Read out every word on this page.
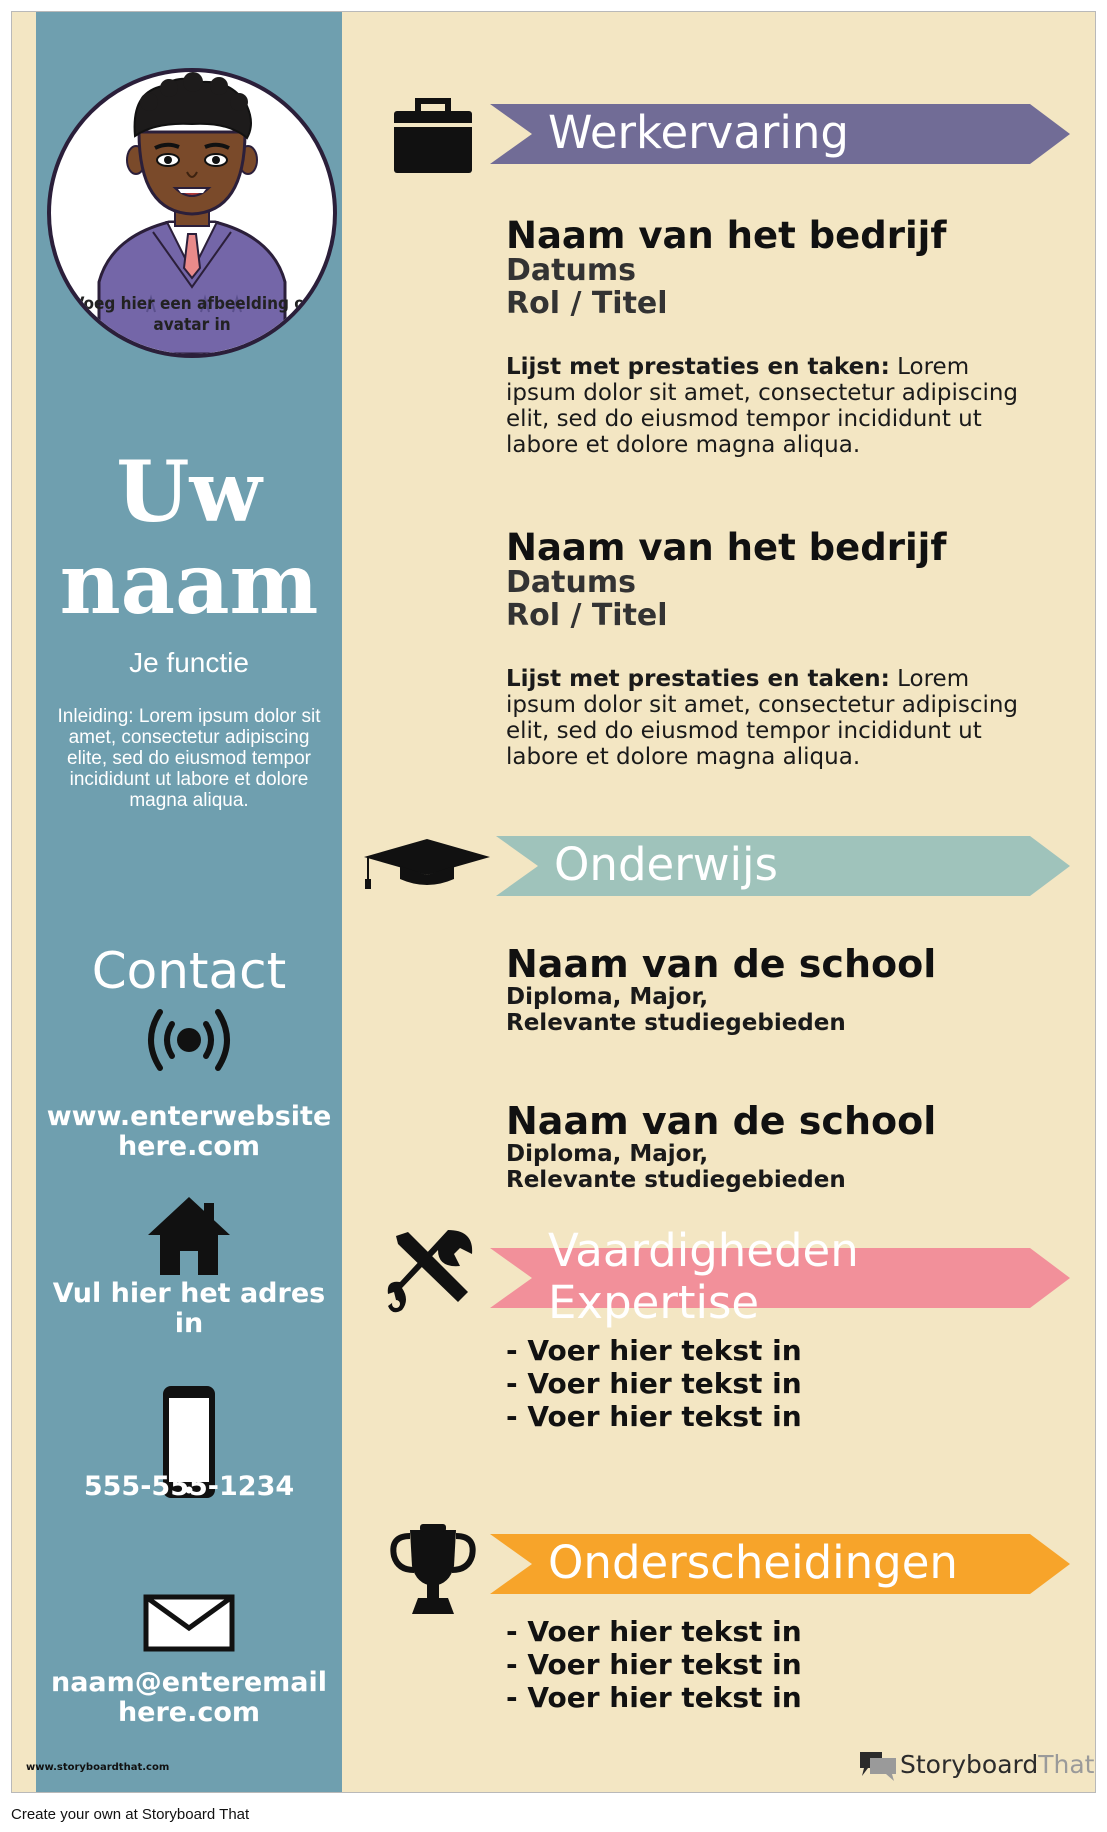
Voeg hier een afbeelding of avatar in
Uw
naam
Je functie
Inleiding: Lorem ipsum dolor sit amet, consectetur adipiscing elite, sed do eiusmod tempor incididunt ut labore et dolore magna aliqua.
Contact
www.enterwebsite here.com
Vul hier het adres in
555-555-1234
naam@enteremail here.com
Werkervaring
Onderwijs
Vaardigheden
Expertise
Onderscheidingen
Naam van het bedrijf
Datums
Rol / Titel
Lijst met prestaties en taken: Lorem ipsum dolor sit amet, consectetur adipiscing elit, sed do eiusmod tempor incididunt ut labore et dolore magna aliqua.
Naam van het bedrijf
Datums
Rol / Titel
Lijst met prestaties en taken: Lorem ipsum dolor sit amet, consectetur adipiscing elit, sed do eiusmod tempor incididunt ut labore et dolore magna aliqua.
Naam van de school
Diploma, Major,
Relevante studiegebieden
Naam van de school
Diploma, Major,
Relevante studiegebieden
- Voer hier tekst in
- Voer hier tekst in
- Voer hier tekst in
- Voer hier tekst in
- Voer hier tekst in
- Voer hier tekst in
www.storyboardthat.com	StoryboardThat
Create your own at Storyboard That
